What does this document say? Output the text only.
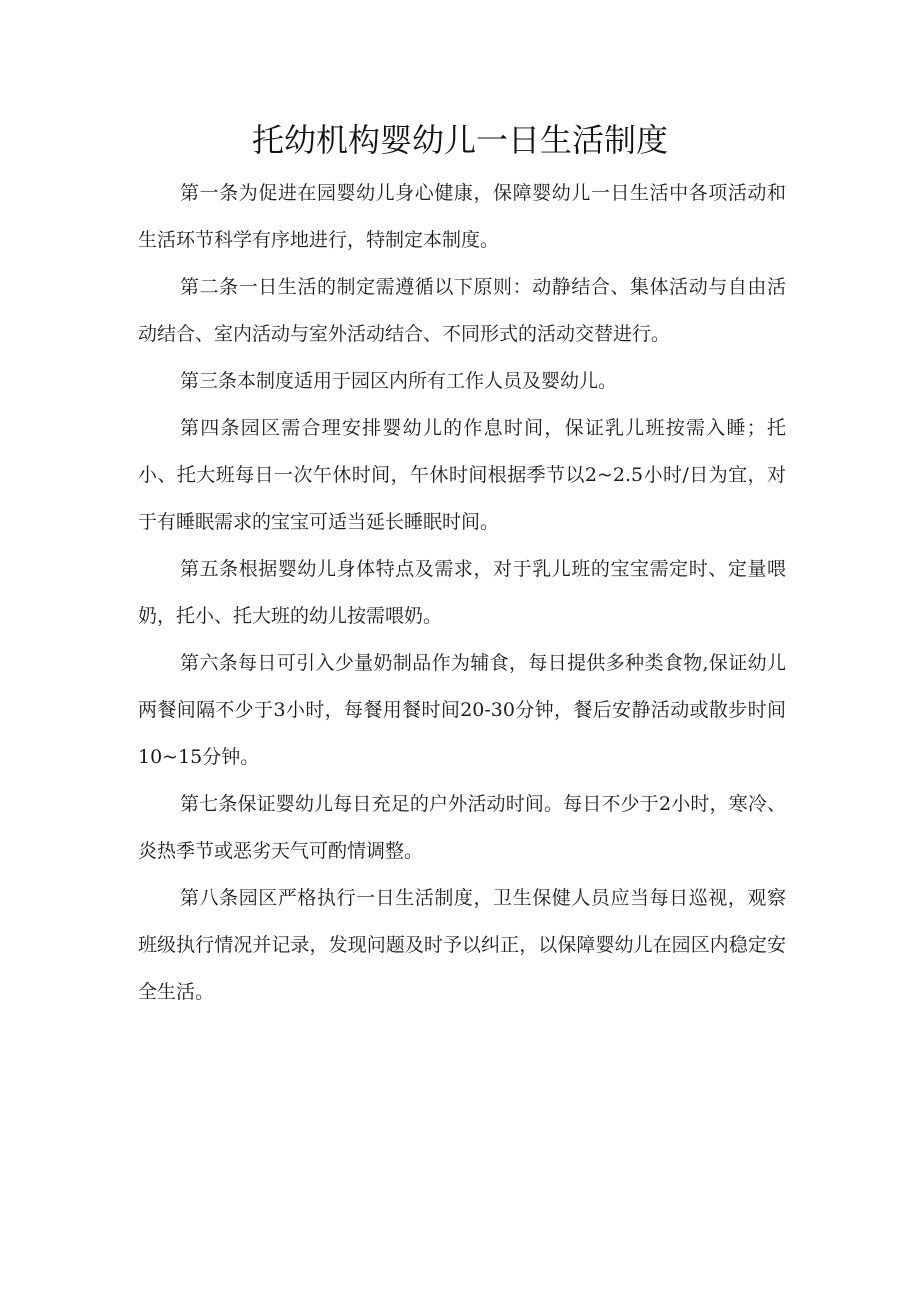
托幼机构婴幼儿一日生活制度

第一条为促进在园婴幼儿身心健康，保障婴幼儿一日生活中各项活动和生活环节科学有序地进行，特制定本制度。

第二条一日生活的制定需遵循以下原则：动静结合、集体活动与自由活动结合、室内活动与室外活动结合、不同形式的活动交替进行。

第三条本制度适用于园区内所有工作人员及婴幼儿。

第四条园区需合理安排婴幼儿的作息时间，保证乳儿班按需入睡；托小、托大班每日一次午休时间，午休时间根据季节以2~2.5小时/日为宜，对于有睡眠需求的宝宝可适当延长睡眠时间。

第五条根据婴幼儿身体特点及需求，对于乳儿班的宝宝需定时、定量喂奶，托小、托大班的幼儿按需喂奶。

第六条每日可引入少量奶制品作为辅食，每日提供多种类食物,保证幼儿两餐间隔不少于3小时，每餐用餐时间20-30分钟，餐后安静活动或散步时间10~15分钟。

第七条保证婴幼儿每日充足的户外活动时间。每日不少于2小时，寒冷、炎热季节或恶劣天气可酌情调整。

第八条园区严格执行一日生活制度，卫生保健人员应当每日巡视，观察班级执行情况并记录，发现问题及时予以纠正，以保障婴幼儿在园区内稳定安全生活。
